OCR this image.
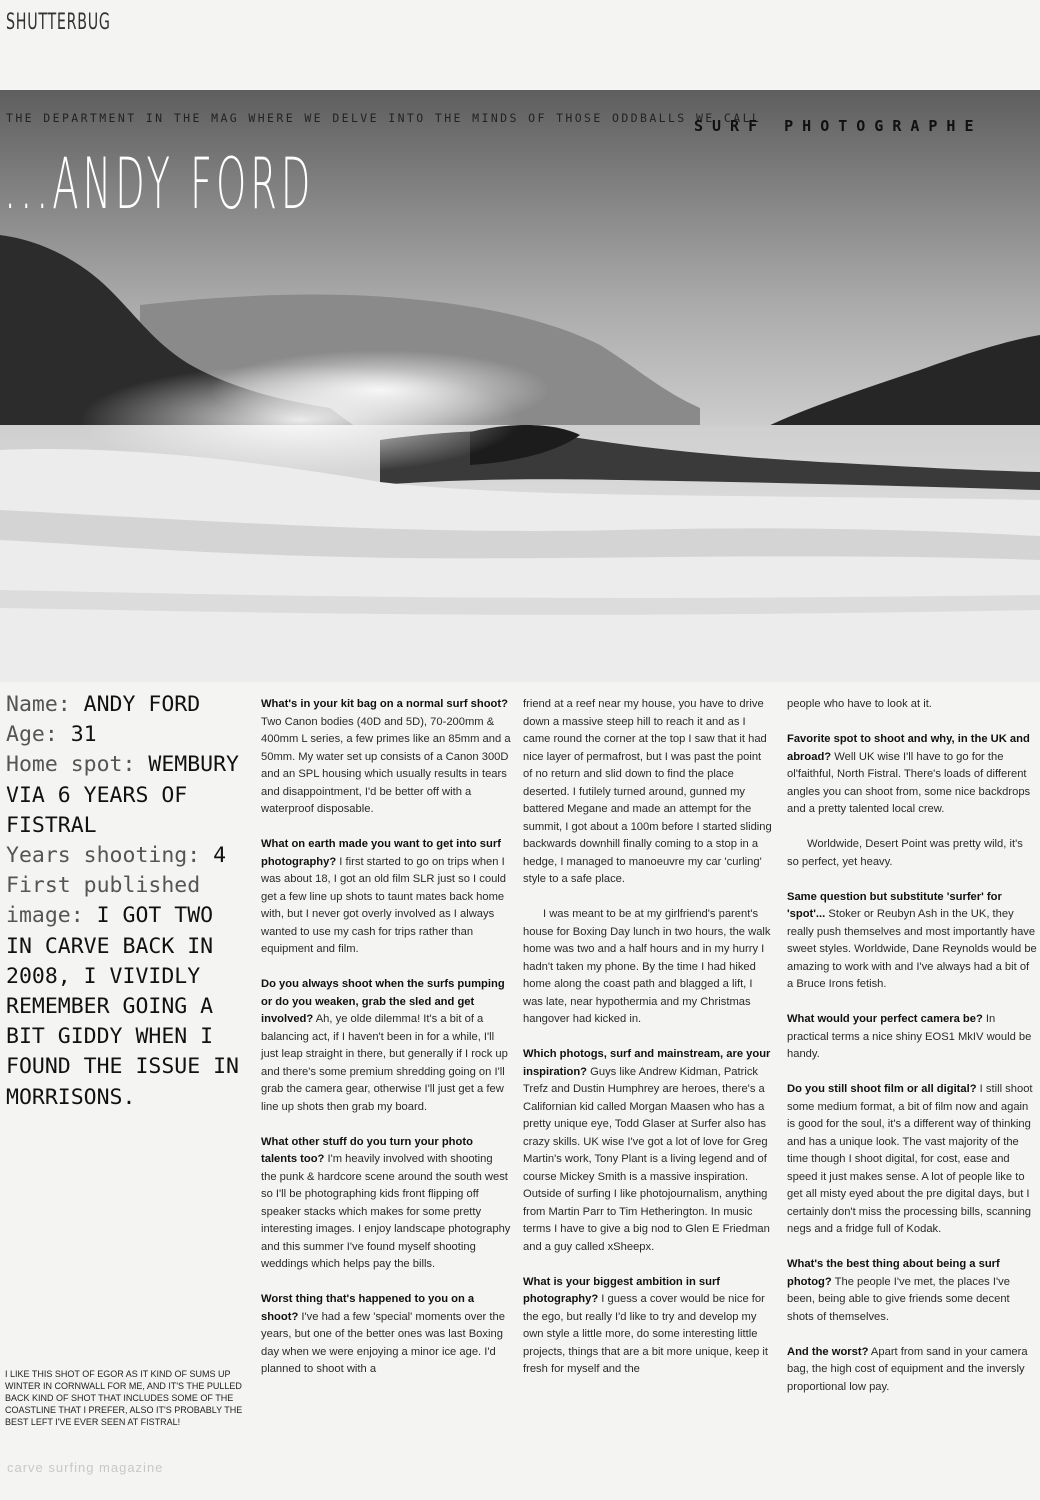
SHUTTERBUG
THE DEPARTMENT IN THE MAG WHERE WE DELVE INTO THE MINDS OF THOSE ODDBALLS WE CALL
SURF PHOTOGRAPHE
...ANDY FORD
Name: ANDY FORD
Age: 31
Home spot: WEMBURY VIA 6 YEARS OF FISTRAL
Years shooting: 4
First published image: I GOT TWO IN CARVE BACK IN 2008, I VIVIDLY REMEMBER GOING A BIT GIDDY WHEN I FOUND THE ISSUE IN MORRISONS.
I LIKE THIS SHOT OF EGOR AS IT KIND OF SUMS UP WINTER IN CORNWALL FOR ME, AND IT'S THE PULLED BACK KIND OF SHOT THAT INCLUDES SOME OF THE COASTLINE THAT I PREFER, ALSO IT'S PROBABLY THE BEST LEFT I'VE EVER SEEN AT FISTRAL!
carve surfing magazine

What's in your kit bag on a normal surf shoot? Two Canon bodies (40D and 5D), 70-200mm & 400mm L series, a few primes like an 85mm and a 50mm. My water set up consists of a Canon 300D and an SPL housing which usually results in tears and disappointment, I'd be better off with a waterproof disposable.

What on earth made you want to get into surf photography? I first started to go on trips when I was about 18, I got an old film SLR just so I could get a few line up shots to taunt mates back home with, but I never got overly involved as I always wanted to use my cash for trips rather than equipment and film.

Do you always shoot when the surfs pumping or do you weaken, grab the sled and get involved? Ah, ye olde dilemma! It's a bit of a balancing act, if I haven't been in for a while, I'll just leap straight in there, but generally if I rock up and there's some premium shredding going on I'll grab the camera gear, otherwise I'll just get a few line up shots then grab my board.

What other stuff do you turn your photo talents too? I'm heavily involved with shooting the punk & hardcore scene around the south west so I'll be photographing kids front flipping off speaker stacks which makes for some pretty interesting images. I enjoy landscape photography and this summer I've found myself shooting weddings which helps pay the bills.

Worst thing that's happened to you on a shoot? I've had a few 'special' moments over the years, but one of the better ones was last Boxing day when we were enjoying a minor ice age. I'd planned to shoot with a

friend at a reef near my house, you have to drive down a massive steep hill to reach it and as I came round the corner at the top I saw that it had nice layer of permafrost, but I was past the point of no return and slid down to find the place deserted. I futilely turned around, gunned my battered Megane and made an attempt for the summit, I got about a 100m before I started sliding backwards downhill finally coming to a stop in a hedge, I managed to manoeuvre my car 'curling' style to a safe place.

I was meant to be at my girlfriend's parent's house for Boxing Day lunch in two hours, the walk home was two and a half hours and in my hurry I hadn't taken my phone. By the time I had hiked home along the coast path and blagged a lift, I was late, near hypothermia and my Christmas hangover had kicked in.

Which photogs, surf and mainstream, are your inspiration? Guys like Andrew Kidman, Patrick Trefz and Dustin Humphrey are heroes, there's a Californian kid called Morgan Maasen who has a pretty unique eye, Todd Glaser at Surfer also has crazy skills. UK wise I've got a lot of love for Greg Martin's work, Tony Plant is a living legend and of course Mickey Smith is a massive inspiration. Outside of surfing I like photojournalism, anything from Martin Parr to Tim Hetherington. In music terms I have to give a big nod to Glen E Friedman and a guy called xSheepx.

What is your biggest ambition in surf photography? I guess a cover would be nice for the ego, but really I'd like to try and develop my own style a little more, do some interesting little projects, things that are a bit more unique, keep it fresh for myself and the

people who have to look at it.

Favorite spot to shoot and why, in the UK and abroad? Well UK wise I'll have to go for the ol'faithful, North Fistral. There's loads of different angles you can shoot from, some nice backdrops and a pretty talented local crew.

Worldwide, Desert Point was pretty wild, it's so perfect, yet heavy.

Same question but substitute 'surfer' for 'spot'... Stoker or Reubyn Ash in the UK, they really push themselves and most importantly have sweet styles. Worldwide, Dane Reynolds would be amazing to work with and I've always had a bit of a Bruce Irons fetish.

What would your perfect camera be? In practical terms a nice shiny EOS1 MkIV would be handy.

Do you still shoot film or all digital? I still shoot some medium format, a bit of film now and again is good for the soul, it's a different way of thinking and has a unique look. The vast majority of the time though I shoot digital, for cost, ease and speed it just makes sense. A lot of people like to get all misty eyed about the pre digital days, but I certainly don't miss the processing bills, scanning negs and a fridge full of Kodak.

What's the best thing about being a surf photog? The people I've met, the places I've been, being able to give friends some decent shots of themselves.

And the worst? Apart from sand in your camera bag, the high cost of equipment and the inversly proportional low pay.
